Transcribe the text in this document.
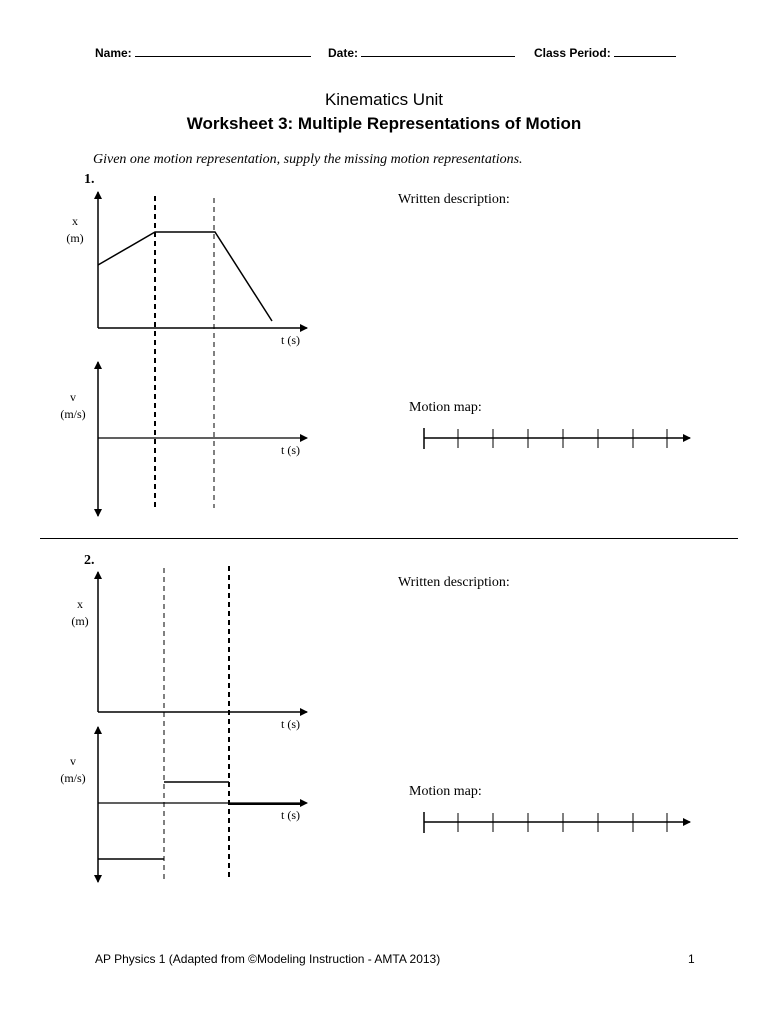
Name:	Date:	Class Period:
Kinematics Unit
Worksheet 3: Multiple Representations of Motion
Given one motion representation, supply the missing motion representations.
1.
x
(m)
t (s)
v
(m/s)
t (s)
Written description:
Motion map:
2.
x
(m)
t (s)
v
(m/s)
t (s)
Written description:
Motion map:
AP Physics 1 (Adapted from ©Modeling Instruction - AMTA 2013)	1
